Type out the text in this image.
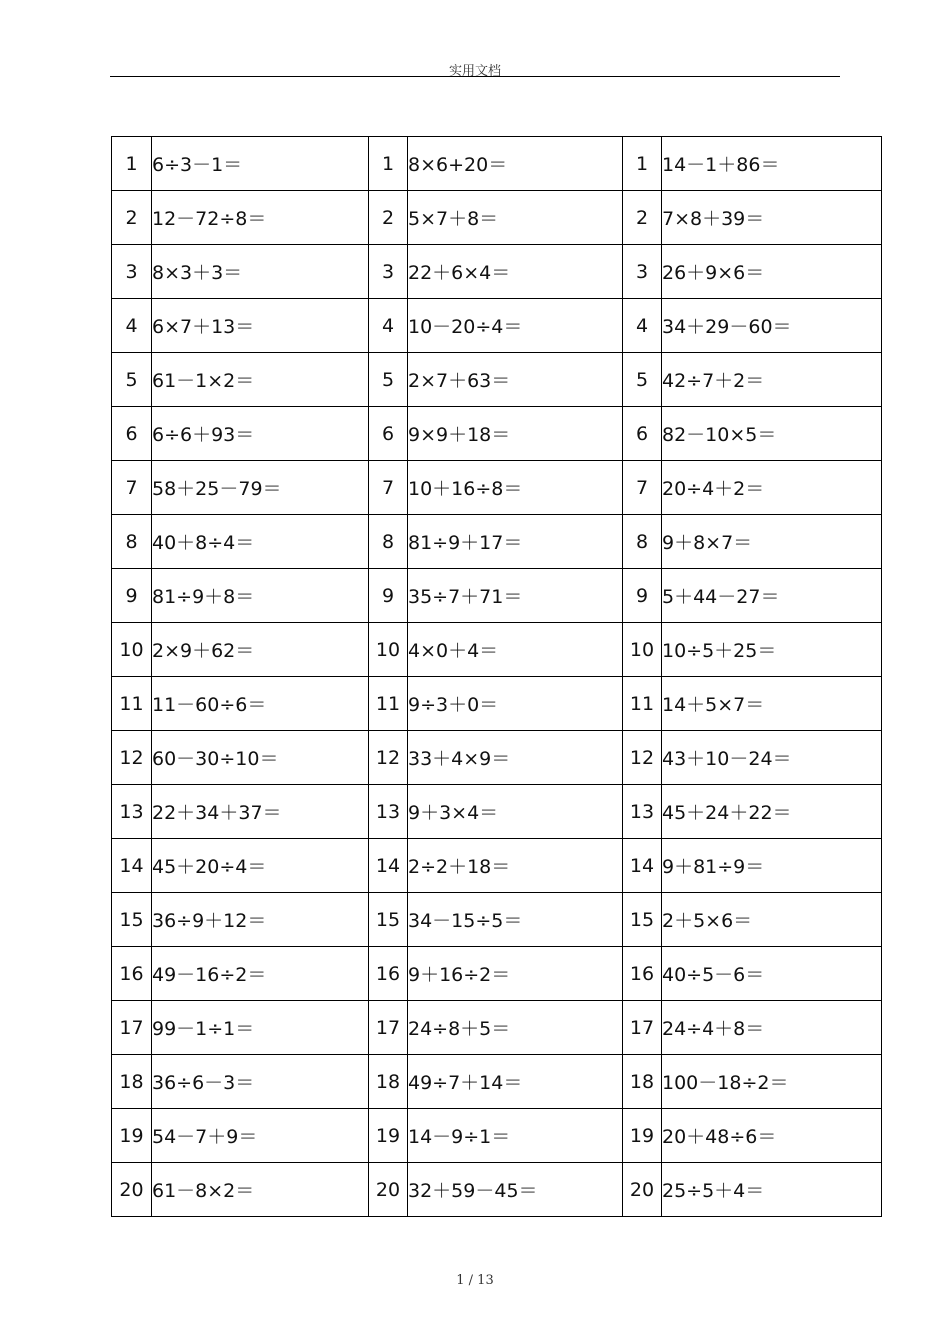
实用文档
1	6÷3－1＝	1	8×6+20＝	1	14－1＋86＝
2	12－72÷8＝	2	5×7＋8＝	2	7×8＋39＝
3	8×3＋3＝	3	22＋6×4＝	3	26＋9×6＝
4	6×7＋13＝	4	10－20÷4＝	4	34＋29－60＝
5	61－1×2＝	5	2×7＋63＝	5	42÷7＋2＝
6	6÷6＋93＝	6	9×9＋18＝	6	82－10×5＝
7	58＋25－79＝	7	10＋16÷8＝	7	20÷4＋2＝
8	40＋8÷4＝	8	81÷9＋17＝	8	9＋8×7＝
9	81÷9＋8＝	9	35÷7＋71＝	9	5＋44－27＝
10	2×9＋62＝	10	4×0＋4＝	10	10÷5＋25＝
11	11－60÷6＝	11	9÷3＋0＝	11	14＋5×7＝
12	60－30÷10＝	12	33＋4×9＝	12	43＋10－24＝
13	22＋34＋37＝	13	9＋3×4＝	13	45＋24＋22＝
14	45＋20÷4＝	14	2÷2＋18＝	14	9＋81÷9＝
15	36÷9＋12＝	15	34－15÷5＝	15	2＋5×6＝
16	49－16÷2＝	16	9＋16÷2＝	16	40÷5－6＝
17	99－1÷1＝	17	24÷8＋5＝	17	24÷4＋8＝
18	36÷6－3＝	18	49÷7＋14＝	18	100－18÷2＝
19	54－7＋9＝	19	14－9÷1＝	19	20＋48÷6＝
20	61－8×2＝	20	32＋59－45＝	20	25÷5＋4＝
1 / 13
